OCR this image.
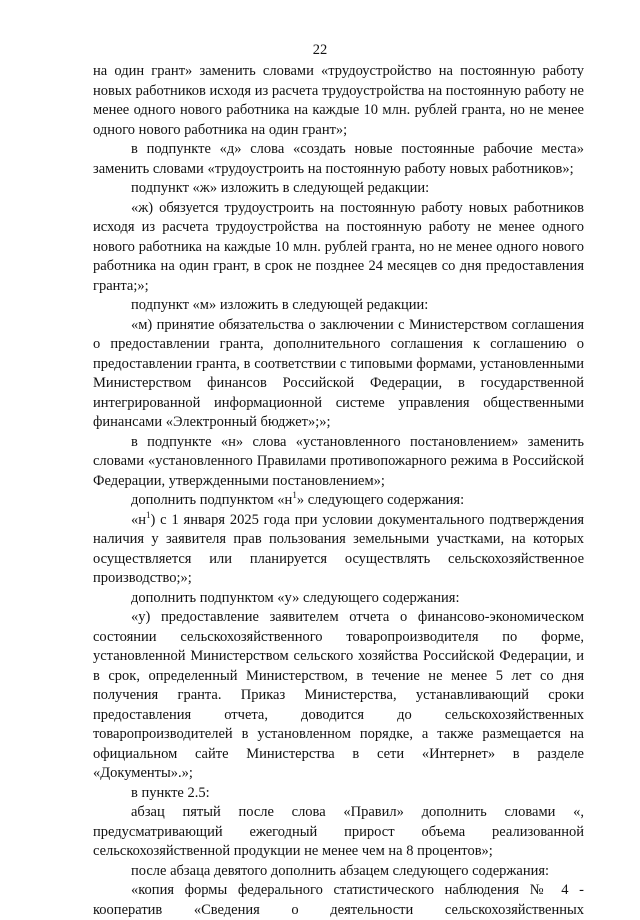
22

на один грант» заменить словами «трудоустройство на постоянную работу новых работников исходя из расчета трудоустройства на постоянную работу не менее одного нового работника на каждые 10 млн. рублей гранта, но не менее одного нового работника на один грант»;

в подпункте «д» слова «создать новые постоянные рабочие места» заменить словами «трудоустроить на постоянную работу новых работников»;

подпункт «ж» изложить в следующей редакции:

«ж) обязуется трудоустроить на постоянную работу новых работников исходя из расчета трудоустройства на постоянную работу не менее одного нового работника на каждые 10 млн. рублей гранта, но не менее одного нового работника на один грант, в срок не позднее 24 месяцев со дня предоставления гранта;»;

подпункт «м» изложить в следующей редакции:

«м) принятие обязательства о заключении с Министерством соглашения о предоставлении гранта, дополнительного соглашения к соглашению о предоставлении гранта, в соответствии с типовыми формами, установленными Министерством финансов Российской Федерации, в государственной интегрированной информационной системе управления общественными финансами «Электронный бюджет»;»;

в подпункте «н» слова «установленного постановлением» заменить словами «установленного Правилами противопожарного режима в Российской Федерации, утвержденными постановлением»;

дополнить подпунктом «$н^1$» следующего содержания:

«$н^1$) с 1 января 2025 года при условии документального подтверждения наличия у заявителя прав пользования земельными участками, на которых осуществляется или планируется осуществлять сельскохозяйственное производство;»;

дополнить подпунктом «у» следующего содержания:

«у) предоставление заявителем отчета о финансово-экономическом состоянии сельскохозяйственного товаропроизводителя по форме, установленной Министерством сельского хозяйства Российской Федерации, и в срок, определенный Министерством, в течение не менее 5 лет со дня получения гранта. Приказ Министерства, устанавливающий сроки предоставления отчета, доводится до сельскохозяйственных товаропроизводителей в установленном порядке, а также размещается на официальном сайте Министерства в сети «Интернет» в разделе «Документы».»;

в пункте 2.5:

абзац пятый после слова «Правил» дополнить словами «, предусматривающий ежегодный прирост объема реализованной сельскохозяйственной продукции не менее чем на 8 процентов»;

после абзаца девятого дополнить абзацем следующего содержания:

«копия формы федерального статистического наблюдения № 4 - кооператив «Сведения о деятельности сельскохозяйственных
